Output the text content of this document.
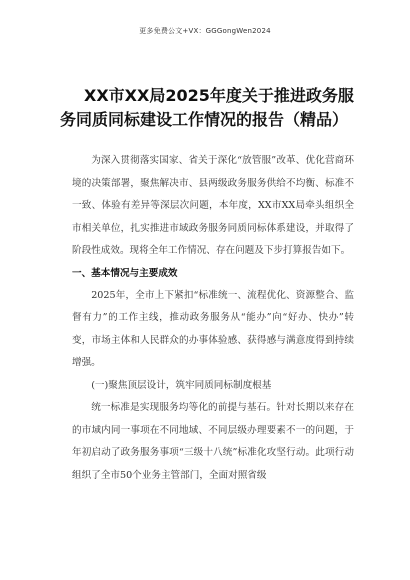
更多免费公文+VX：GGGongWen2024
XX市XX局2025年度关于推进政务服
务同质同标建设工作情况的报告（精品）

为深入贯彻落实国家、省关于深化“放管服”改革、优化营商环境的决策部署，聚焦解决市、县两级政务服务供给不均衡、标准不一致、体验有差异等深层次问题，本年度，XX市XX局牵头组织全市相关单位，扎实推进市域政务服务同质同标体系建设，并取得了阶段性成效。现将全年工作情况、存在问题及下步打算报告如下。

一、基本情况与主要成效

2025年，全市上下紧扣“标准统一、流程优化、资源整合、监督有力”的工作主线，推动政务服务从“能办”向“好办、快办”转变，市场主体和人民群众的办事体验感、获得感与满意度得到持续增强。

(一)聚焦顶层设计，筑牢同质同标制度根基

统一标准是实现服务均等化的前提与基石。针对长期以来存在的市域内同一事项在不同地域、不同层级办理要素不一的问题，于年初启动了政务服务事项“三级十八统”标准化攻坚行动。此项行动组织了全市50个业务主管部门，全面对照省级
